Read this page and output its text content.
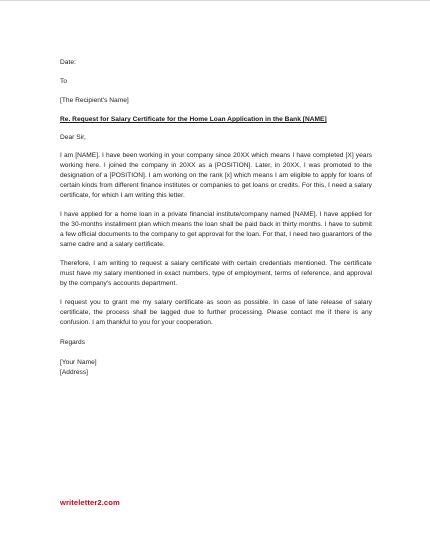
Date:

To

[The Recipient's Name]

Re. Request for Salary Certificate for the Home Loan Application in the Bank [NAME]

Dear Sir,

I am [NAME]. I have been working in your company since 20XX which means I have completed [X] years working here. I joined the company in 20XX as a [POSITION]. Later, in 20XX, I was promoted to the designation of a [POSITION]. I am working on the rank [x] which means I am eligible to apply for loans of certain kinds from different finance institutes or companies to get loans or credits. For this, I need a salary certificate, for which I am writing this letter.

I have applied for a home loan in a private financial institute/company named [NAME]. I have applied for the 30-months installment plan which means the loan shall be paid back in thirty months. I have to submit a few official documents to the company to get approval for the loan. For that, I need two guarantors of the same cadre and a salary certificate.

Therefore, I am writing to request a salary certificate with certain credentials mentioned. The certificate must have my salary mentioned in exact numbers, type of employment, terms of reference, and approval by the company's accounts department.

I request you to grant me my salary certificate as soon as possible. In case of late release of salary certificate, the process shall be lagged due to further processing. Please contact me if there is any confusion. I am thankful to you for your cooperation.

Regards

[Your Name]

[Address]

writeletter2.com
